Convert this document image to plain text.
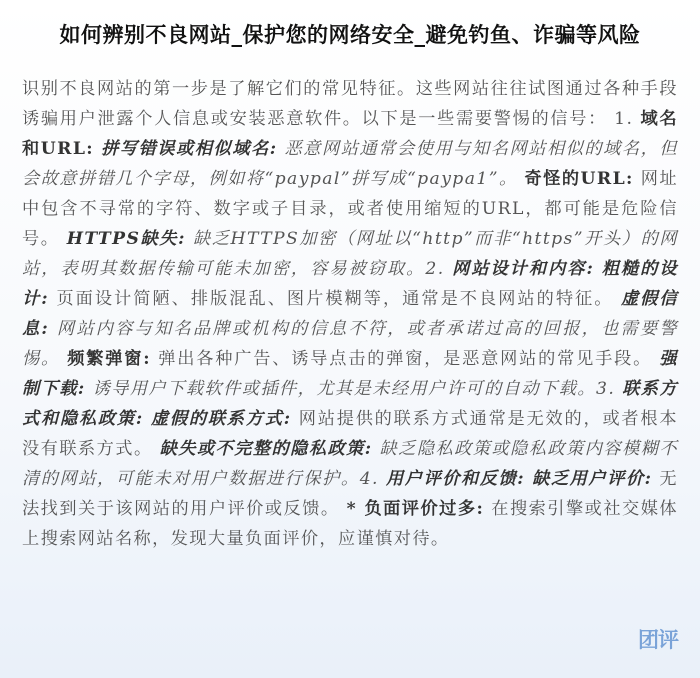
如何辨别不良网站_保护您的网络安全_避免钓鱼、诈骗等风险
识别不良网站的第一步是了解它们的常见特征。这些网站往往试图通过各种手段诱骗用户泄露个人信息或安装恶意软件。以下是一些需要警惕的信号： 1. 域名和URL: 拼写错误或相似域名: 恶意网站通常会使用与知名网站相似的域名，但会故意拼错几个字母，例如将“paypal”拼写成“paypa1”。 奇怪的URL: 网址中包含不寻常的字符、数字或子目录，或者使用缩短的URL，都可能是危险信号。 HTTPS缺失: 缺乏HTTPS加密（网址以“http”而非“https”开头）的网站，表明其数据传输可能未加密，容易被窃取。2. 网站设计和内容: 粗糙的设计: 页面设计简陋、排版混乱、图片模糊等，通常是不良网站的特征。 虚假信息: 网站内容与知名品牌或机构的信息不符，或者承诺过高的回报，也需要警惕。 频繁弹窗: 弹出各种广告、诱导点击的弹窗，是恶意网站的常见手段。 强制下载: 诱导用户下载软件或插件，尤其是未经用户许可的自动下载。3. 联系方式和隐私政策: 虚假的联系方式: 网站提供的联系方式通常是无效的，或者根本没有联系方式。 缺失或不完整的隐私政策: 缺乏隐私政策或隐私政策内容模糊不清的网站，可能未对用户数据进行保护。4. 用户评价和反馈: 缺乏用户评价: 无法找到关于该网站的用户评价或反馈。 * 负面评价过多: 在搜索引擎或社交媒体上搜索网站名称，发现大量负面评价，应谨慎对待。
团评
